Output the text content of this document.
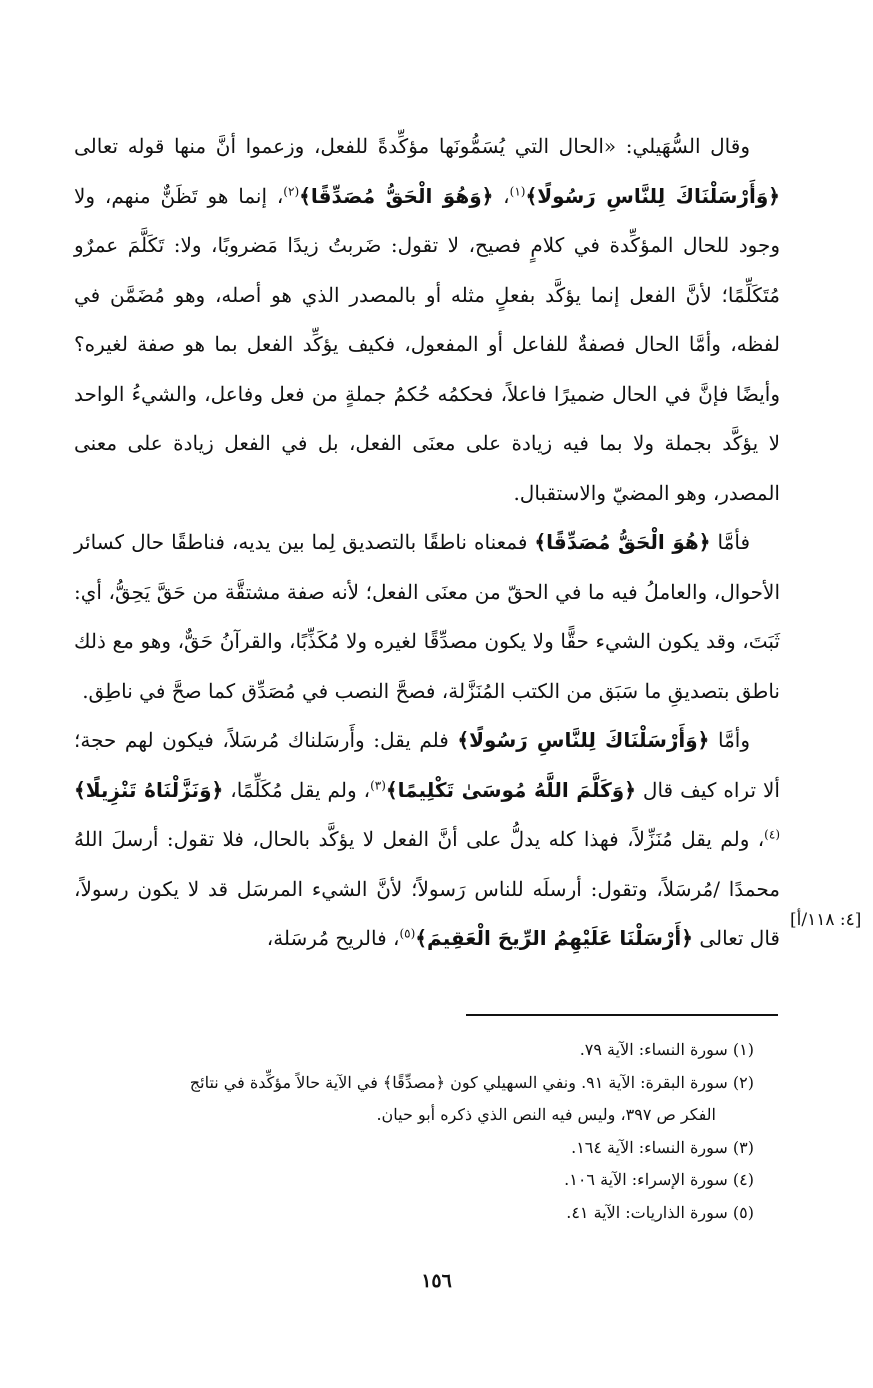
وقال السُّهَيلي: «الحال التي يُسَمُّونَها مؤكِّدةً للفعل، وزعموا أنَّ منها قوله تعالى ﴿وَأَرْسَلْنَاكَ لِلنَّاسِ رَسُولًا﴾$^{(١)}$، ﴿وَهُوَ الْحَقُّ مُصَدِّقًا﴾$^{(٢)}$، إنما هو تَظَنٌّ منهم، ولا وجود للحال المؤكِّدة في كلامٍ فصيح، لا تقول: ضَربتُ زيدًا مَضروبًا، ولا: تَكَلَّمَ عمرٌو مُتَكَلِّمًا؛ لأنَّ الفعل إنما يؤكَّد بفعلٍ مثله أو بالمصدر الذي هو أصله، وهو مُضَمَّن في لفظه، وأمَّا الحال فصفةٌ للفاعل أو المفعول، فكيف يؤكِّد الفعل بما هو صفة لغيره؟ وأيضًا فإنَّ في الحال ضميرًا فاعلاً، فحكمُه حُكمُ جملةٍ من فعل وفاعل، والشيءُ الواحد لا يؤكَّد بجملة ولا بما فيه زيادة على معنَى الفعل، بل في الفعل زيادة على معنى المصدر، وهو المضيّ والاستقبال.

فأمَّا ﴿هُوَ الْحَقُّ مُصَدِّقًا﴾ فمعناه ناطقًا بالتصديق لِما بين يديه، فناطقًا حال كسائر الأحوال، والعاملُ فيه ما في الحقّ من معنَى الفعل؛ لأنه صفة مشتقَّة من حَقَّ يَحِقُّ، أي: ثَبَتَ، وقد يكون الشيء حقًّا ولا يكون مصدِّقًا لغيره ولا مُكَذِّبًا، والقرآنُ حَقٌّ، وهو مع ذلك ناطق بتصديقِ ما سَبَق من الكتب المُنَزَّلة، فصحَّ النصب في مُصَدِّق كما صحَّ في ناطِق.

وأمَّا ﴿وَأَرْسَلْنَاكَ لِلنَّاسِ رَسُولًا﴾ فلم يقل: وأَرسَلناك مُرسَلاً، فيكون لهم حجة؛ ألا تراه كيف قال ﴿وَكَلَّمَ اللَّهُ مُوسَىٰ تَكْلِيمًا﴾$^{(٣)}$، ولم يقل مُكَلِّمًا، ﴿وَنَزَّلْنَاهُ تَنْزِيلًا﴾$^{(٤)}$، ولم يقل مُنَزِّلاً، فهذا كله يدلُّ على أنَّ الفعل لا يؤكَّد بالحال، فلا تقول: أرسلَ اللهُ محمدًا /مُرسَلاً، وتقول: أرسلَه للناس رَسولاً؛ لأنَّ الشيء المرسَل قد لا يكون رسولاً، قال تعالى ﴿أَرْسَلْنَا عَلَيْهِمُ الرِّيحَ الْعَقِيمَ﴾$^{(٥)}$، فالريح مُرسَلة،

[٤: ١١٨/أ]

(١) سورة النساء: الآية ٧٩.

(٢) سورة البقرة: الآية ٩١. ونفي السهيلي كون ﴿مصدِّقًا﴾ في الآية حالاً مؤكِّدة في نتائج

الفكر ص ٣٩٧، وليس فيه النص الذي ذكره أبو حيان.

(٣) سورة النساء: الآية ١٦٤.

(٤) سورة الإسراء: الآية ١٠٦.

(٥) سورة الذاريات: الآية ٤١.

١٥٦
